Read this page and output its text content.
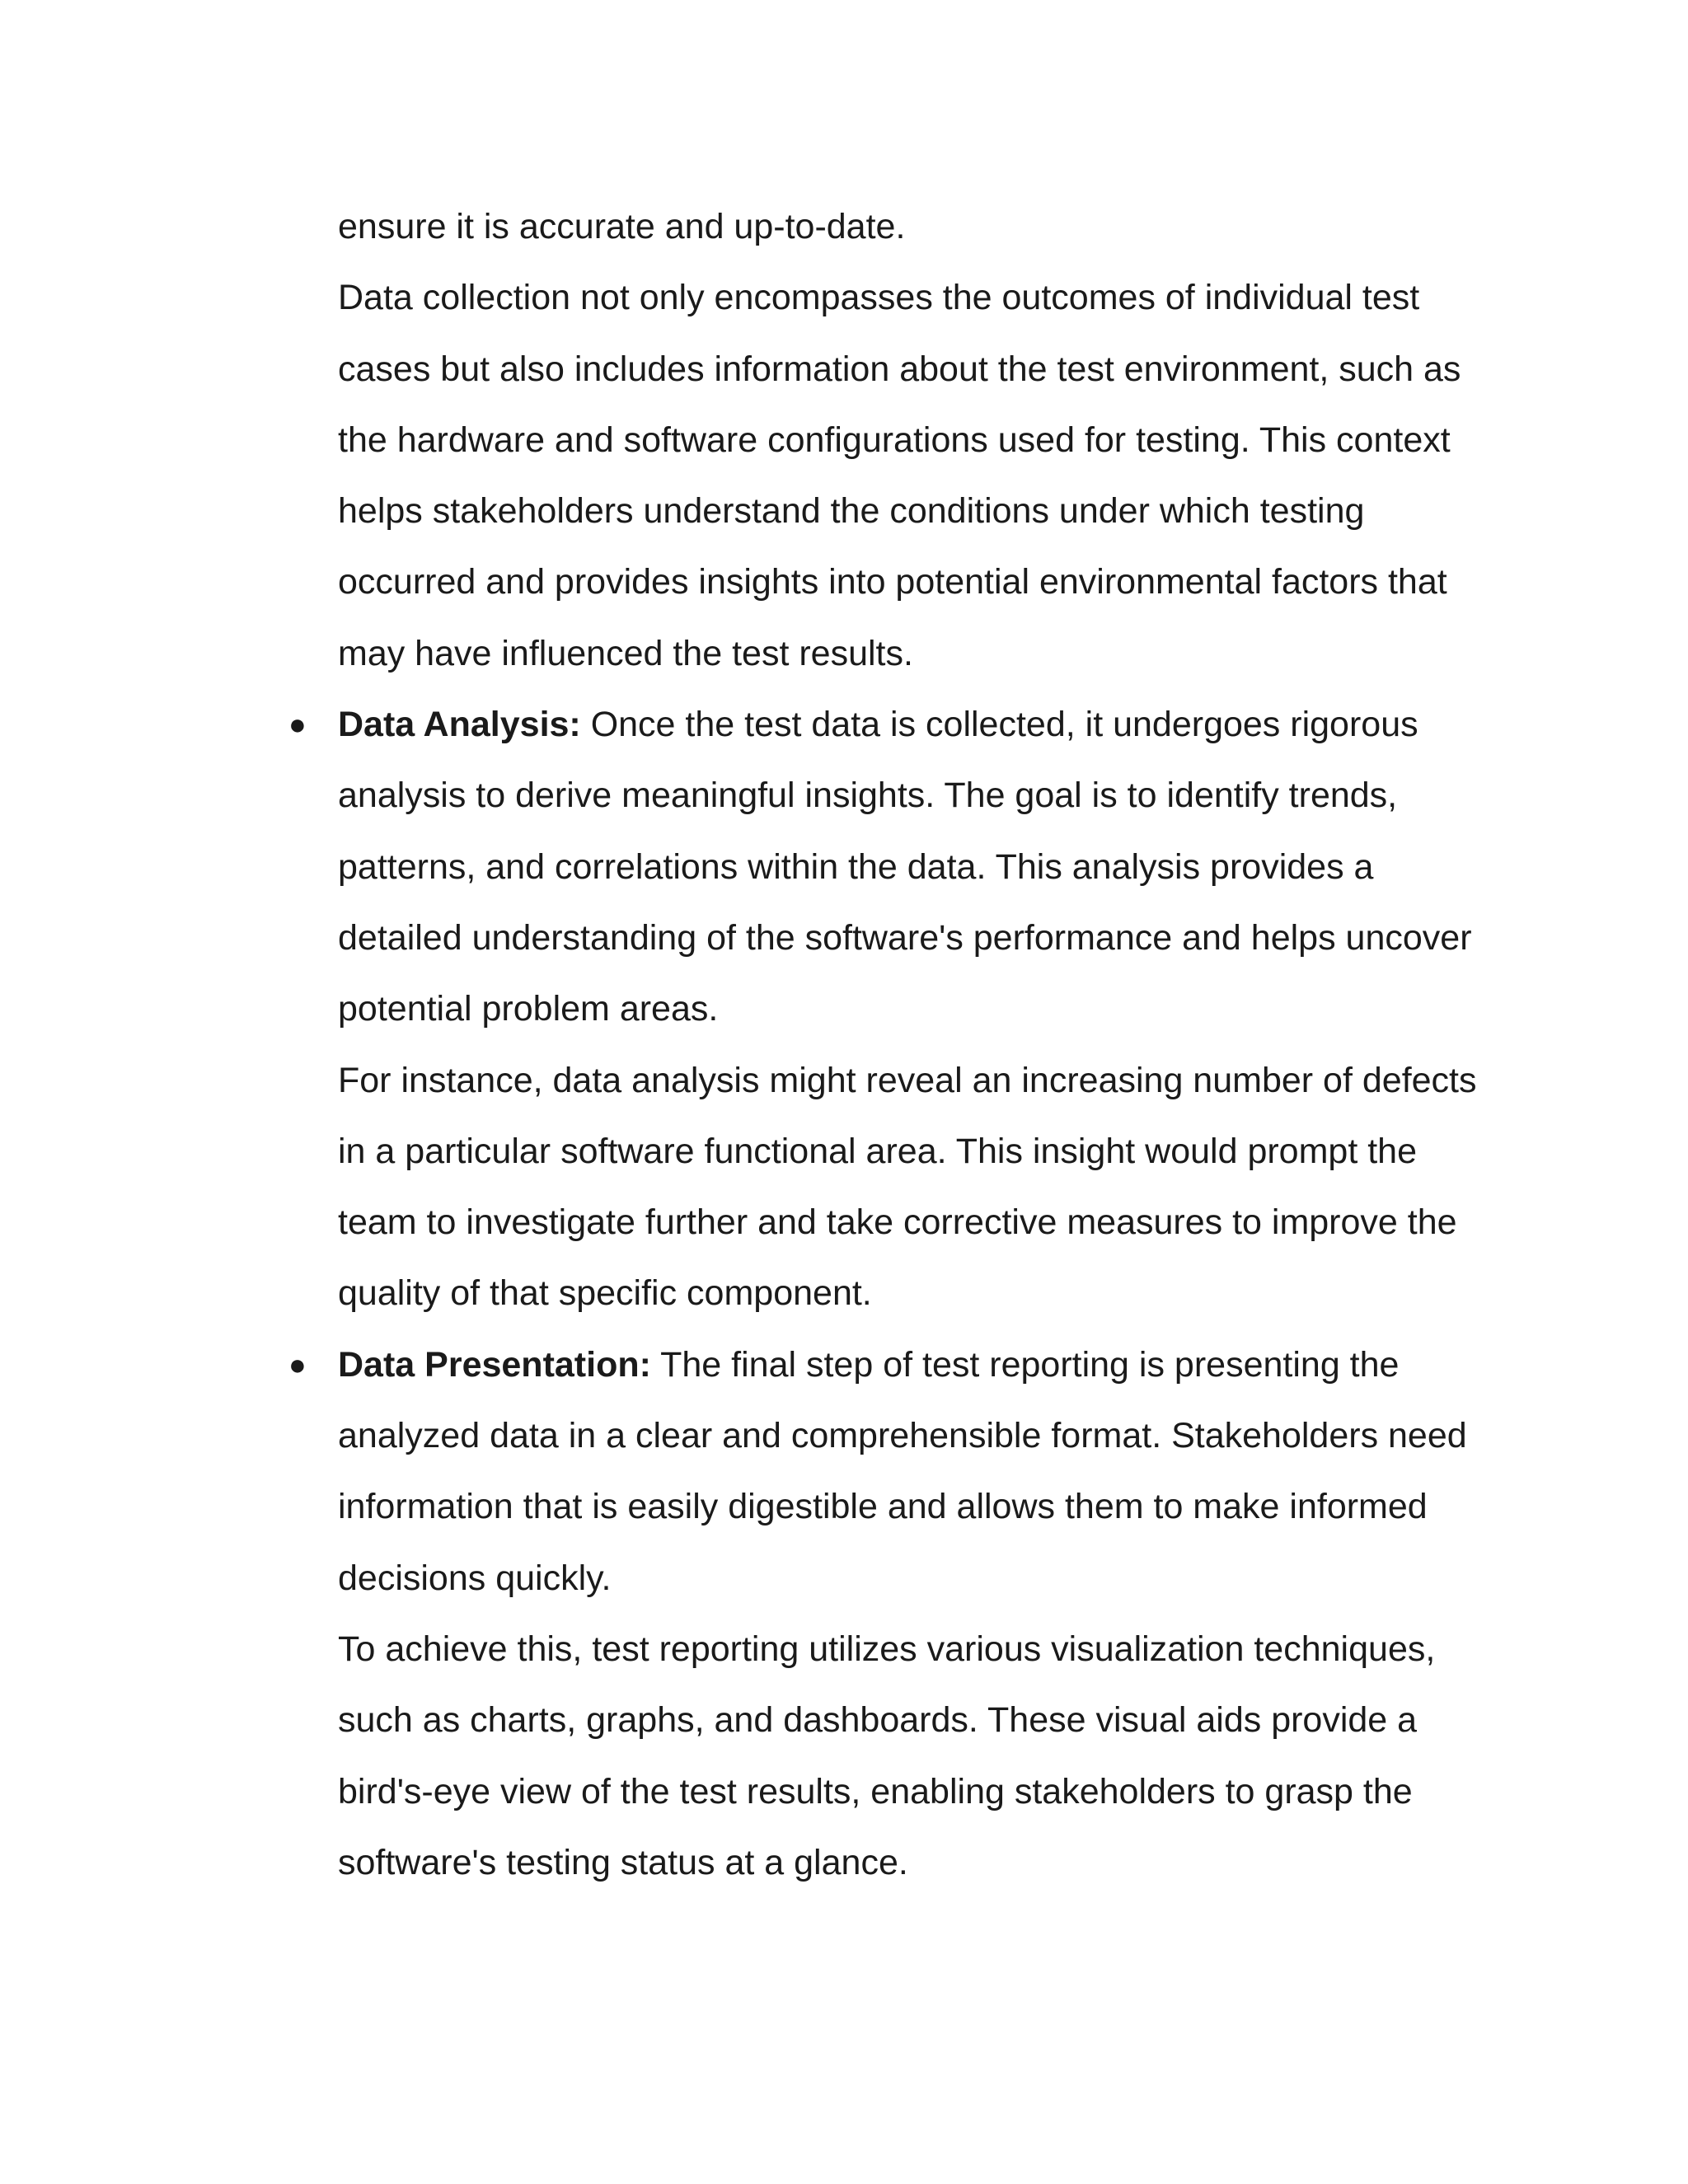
ensure it is accurate and up-to-date.

Data collection not only encompasses the outcomes of individual test cases but also includes information about the test environment, such as the hardware and software configurations used for testing. This context helps stakeholders understand the conditions under which testing occurred and provides insights into potential environmental factors that may have influenced the test results.

● Data Analysis: Once the test data is collected, it undergoes rigorous analysis to derive meaningful insights. The goal is to identify trends, patterns, and correlations within the data. This analysis provides a detailed understanding of the software's performance and helps uncover potential problem areas.

For instance, data analysis might reveal an increasing number of defects in a particular software functional area. This insight would prompt the team to investigate further and take corrective measures to improve the quality of that specific component.

● Data Presentation: The final step of test reporting is presenting the analyzed data in a clear and comprehensible format. Stakeholders need information that is easily digestible and allows them to make informed decisions quickly.

To achieve this, test reporting utilizes various visualization techniques, such as charts, graphs, and dashboards. These visual aids provide a bird's-eye view of the test results, enabling stakeholders to grasp the software's testing status at a glance.
